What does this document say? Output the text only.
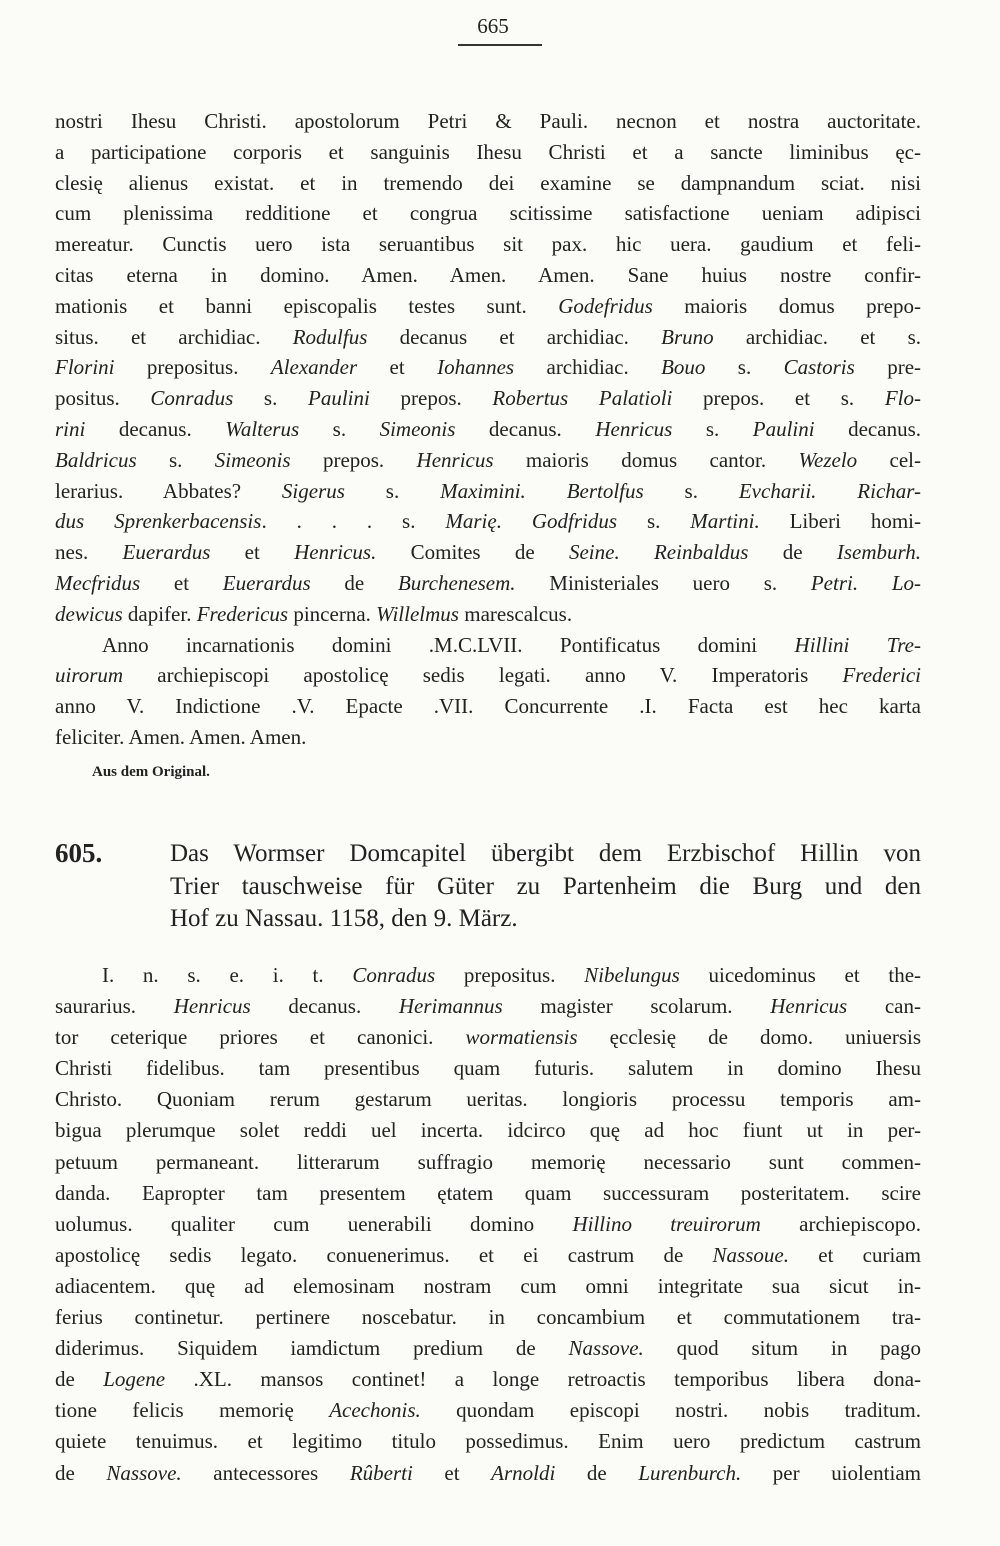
665
nostri Ihesu Christi. apostolorum Petri & Pauli. necnon et nostra auctoritate.
a participatione corporis et sanguinis Ihesu Christi et a sancte liminibus ęc-
clesię alienus existat. et in tremendo dei examine se dampnandum sciat. nisi
cum plenissima redditione et congrua scitissime satisfactione ueniam adipisci
mereatur. Cunctis uero ista seruantibus sit pax. hic uera. gaudium et feli-
citas eterna in domino. Amen. Amen. Amen. Sane huius nostre confir-
mationis et banni episcopalis testes sunt. Godefridus maioris domus prepo-
situs. et archidiac. Rodulfus decanus et archidiac. Bruno archidiac. et s.
Florini prepositus. Alexander et Iohannes archidiac. Bouo s. Castoris pre-
positus. Conradus s. Paulini prepos. Robertus Palatioli prepos. et s. Flo-
rini decanus. Walterus s. Simeonis decanus. Henricus s. Paulini decanus.
Baldricus s. Simeonis prepos. Henricus maioris domus cantor. Wezelo cel-
lerarius. Abbates? Sigerus s. Maximini. Bertolfus s. Evcharii. Richar-
dus Sprenkerbacensis. . . . s. Marię. Godfridus s. Martini. Liberi homi-
nes. Euerardus et Henricus. Comites de Seine. Reinbaldus de Isemburh.
Mecfridus et Euerardus de Burchenesem. Ministeriales uero s. Petri. Lo-
dewicus dapifer. Fredericus pincerna. Willelmus marescalcus.
Anno incarnationis domini .M.C.LVII. Pontificatus domini Hillini Tre-
uirorum archiepiscopi apostolicę sedis legati. anno V. Imperatoris Frederici
anno V. Indictione .V. Epacte .VII. Concurrente .I. Facta est hec karta
feliciter. Amen. Amen. Amen.
Aus dem Original.
605.	Das Wormser Domcapitel übergibt dem Erzbischof Hillin von
Trier tauschweise für Güter zu Partenheim die Burg und den
Hof zu Nassau. 1158, den 9. März.
I. n. s. e. i. t. Conradus prepositus. Nibelungus uicedominus et the-
saurarius. Henricus decanus. Herimannus magister scolarum. Henricus can-
tor ceterique priores et canonici. wormatiensis ęcclesię de domo. uniuersis
Christi fidelibus. tam presentibus quam futuris. salutem in domino Ihesu
Christo. Quoniam rerum gestarum ueritas. longioris processu temporis am-
bigua plerumque solet reddi uel incerta. idcirco quę ad hoc fiunt ut in per-
petuum permaneant. litterarum suffragio memorię necessario sunt commen-
danda. Eapropter tam presentem ętatem quam successuram posteritatem. scire
uolumus. qualiter cum uenerabili domino Hillino treuirorum archiepiscopo.
apostolicę sedis legato. conuenerimus. et ei castrum de Nassoue. et curiam
adiacentem. quę ad elemosinam nostram cum omni integritate sua sicut in-
ferius continetur. pertinere noscebatur. in concambium et commutationem tra-
diderimus. Siquidem iamdictum predium de Nassove. quod situm in pago
de Logene .XL. mansos continet! a longe retroactis temporibus libera dona-
tione felicis memorię Acechonis. quondam episcopi nostri. nobis traditum.
quiete tenuimus. et legitimo titulo possedimus. Enim uero predictum castrum
de Nassove. antecessores Rûberti et Arnoldi de Lurenburch. per uiolentiam
